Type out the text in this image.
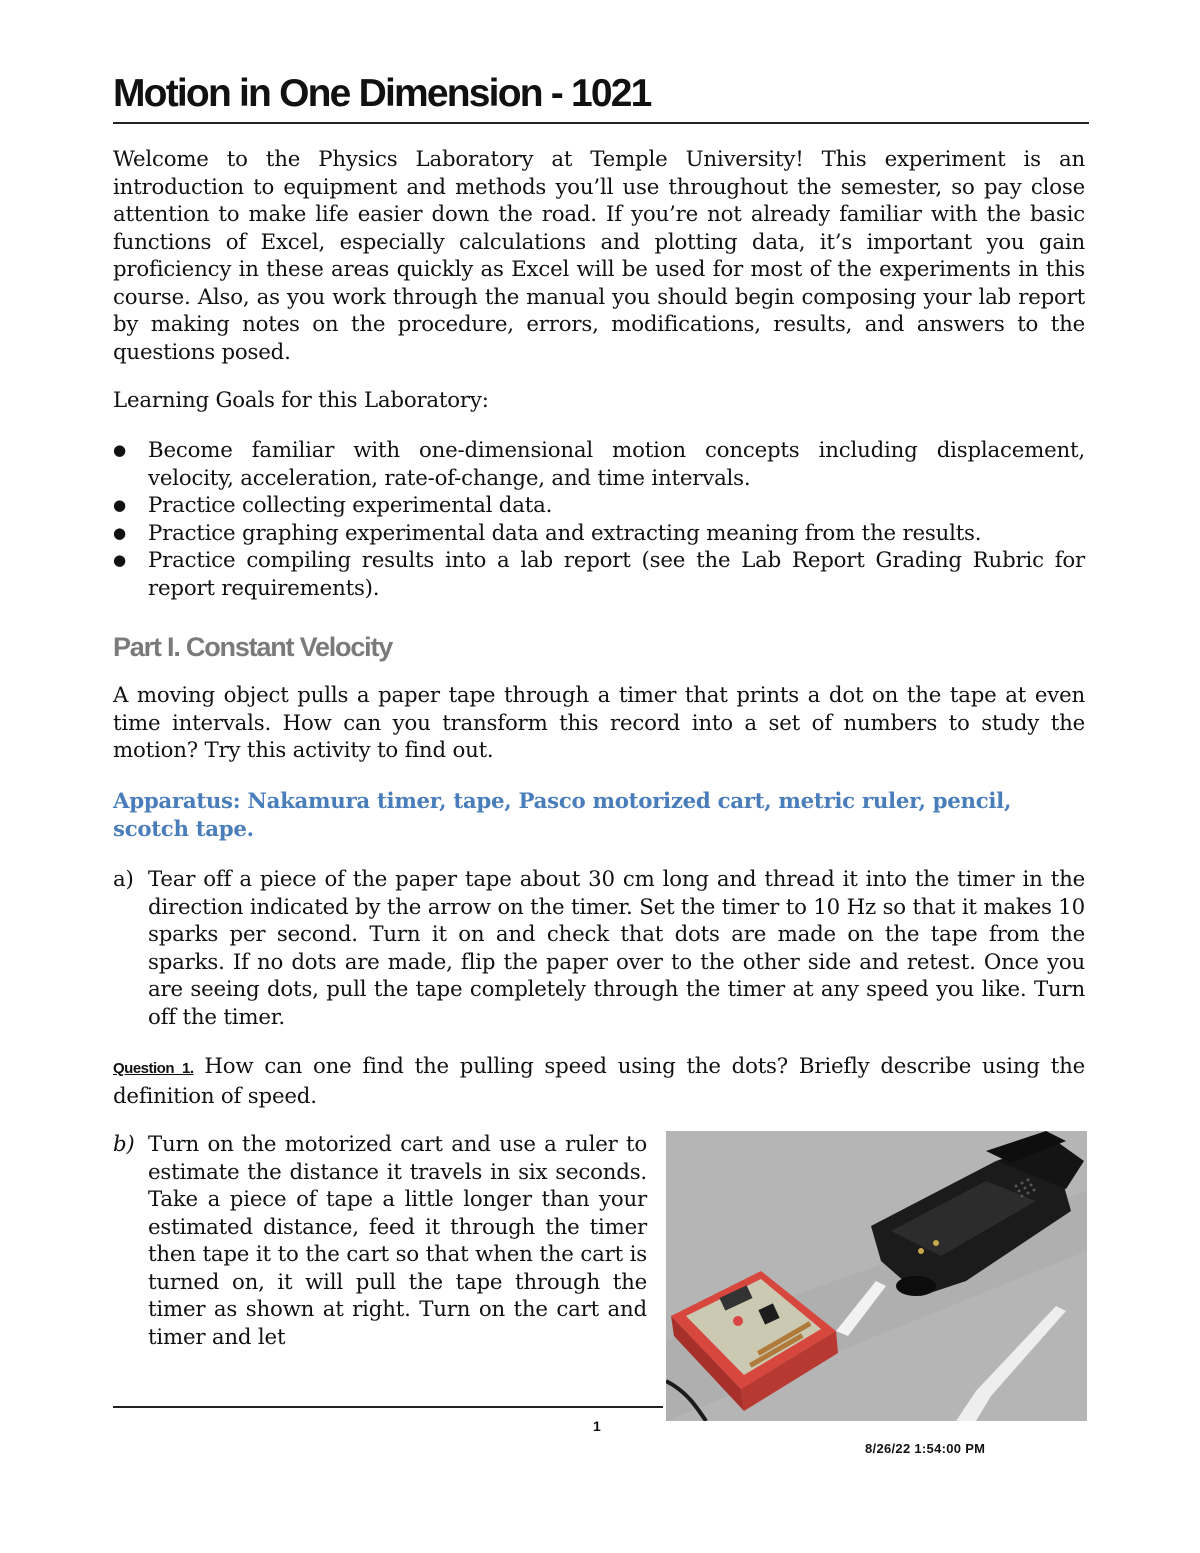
Motion in One Dimension - 1021

Welcome to the Physics Laboratory at Temple University! This experiment is an introduction to equipment and methods you’ll use throughout the semester, so pay close attention to make life easier down the road. If you’re not already familiar with the basic functions of Excel, especially calculations and plotting data, it’s important you gain proficiency in these areas quickly as Excel will be used for most of the experiments in this course. Also, as you work through the manual you should begin composing your lab report by making notes on the procedure, errors, modifications, results, and answers to the questions posed.

Learning Goals for this Laboratory:

● Become familiar with one-dimensional motion concepts including displacement, velocity, acceleration, rate-of-change, and time intervals.
● Practice collecting experimental data.
● Practice graphing experimental data and extracting meaning from the results.
● Practice compiling results into a lab report (see the Lab Report Grading Rubric for report requirements).
Part I. Constant Velocity

A moving object pulls a paper tape through a timer that prints a dot on the tape at even time intervals. How can you transform this record into a set of numbers to study the motion? Try this activity to find out.

Apparatus: Nakamura timer, tape, Pasco motorized cart, metric ruler, pencil, scotch tape.

a) Tear off a piece of the paper tape about 30 cm long and thread it into the timer in the direction indicated by the arrow on the timer. Set the timer to 10 Hz so that it makes 10 sparks per second. Turn it on and check that dots are made on the tape from the sparks. If no dots are made, flip the paper over to the other side and retest. Once you are seeing dots, pull the tape completely through the timer at any speed you like. Turn off the timer.

Question 1. How can one find the pulling speed using the dots? Briefly describe using the definition of speed.

b) Turn on the motorized cart and use a ruler to estimate the distance it travels in six seconds. Take a piece of tape a little longer than your estimated distance, feed it through the timer then tape it to the cart so that when the cart is turned on, it will pull the tape through the timer as shown at right. Turn on the cart and timer and let
1
8/26/22 1:54:00 PM
